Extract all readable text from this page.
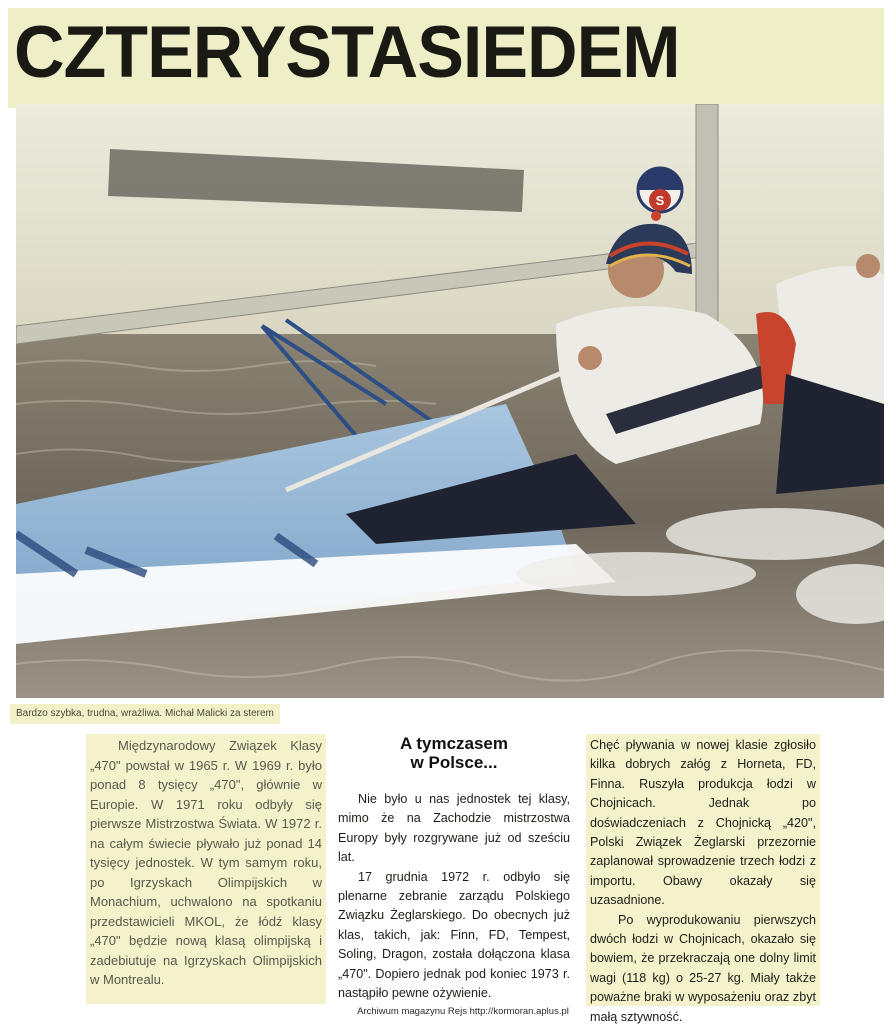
CZTERYSTASIEDEM
S
Bardzo szybka, trudna, wrażliwa. Michał Malicki za sterem

Międzynarodowy Związek Klasy „470" powstał w 1965 r. W 1969 r. było ponad 8 tysięcy „470", głównie w Europie. W 1971 roku odbyły się pierwsze Mistrzostwa Świata. W 1972 r. na całym świecie pływało już ponad 14 tysięcy jednostek. W tym samym roku, po Igrzyskach Olimpijskich w Monachium, uchwalono na spotkaniu przedstawicieli MKOL, że łódź klasy „470" będzie nową klasą olimpijską i zadebiutuje na Igrzyskach Olimpijskich w Montrealu.

A tymczasem
w Polsce...

Nie było u nas jednostek tej klasy, mimo że na Zachodzie mistrzostwa Europy były rozgrywane już od sześciu lat.

17 grudnia 1972 r. odbyło się plenarne zebranie zarządu Polskiego Związku Żeglarskiego. Do obecnych już klas, takich, jak: Finn, FD, Tempest, Soling, Dragon, została dołączona klasa „470". Dopiero jednak pod koniec 1973 r. nastąpiło pewne ożywienie.

Chęć pływania w nowej klasie zgłosiło kilka dobrych załóg z Horneta, FD, Finna. Ruszyła produkcja łodzi w Chojnicach. Jednak po doświadczeniach z Chojnicką „420", Polski Związek Żeglarski przezornie zaplanował sprowadzenie trzech łodzi z importu. Obawy okazały się uzasadnione.

Po wyprodukowaniu pierwszych dwóch łodzi w Chojnicach, okazało się bowiem, że przekraczają one dolny limit wagi (118 kg) o 25-27 kg. Miały także poważne braki w wyposażeniu oraz zbyt małą sztywność.

Archiwum magazynu Rejs http://kormoran.aplus.pl
